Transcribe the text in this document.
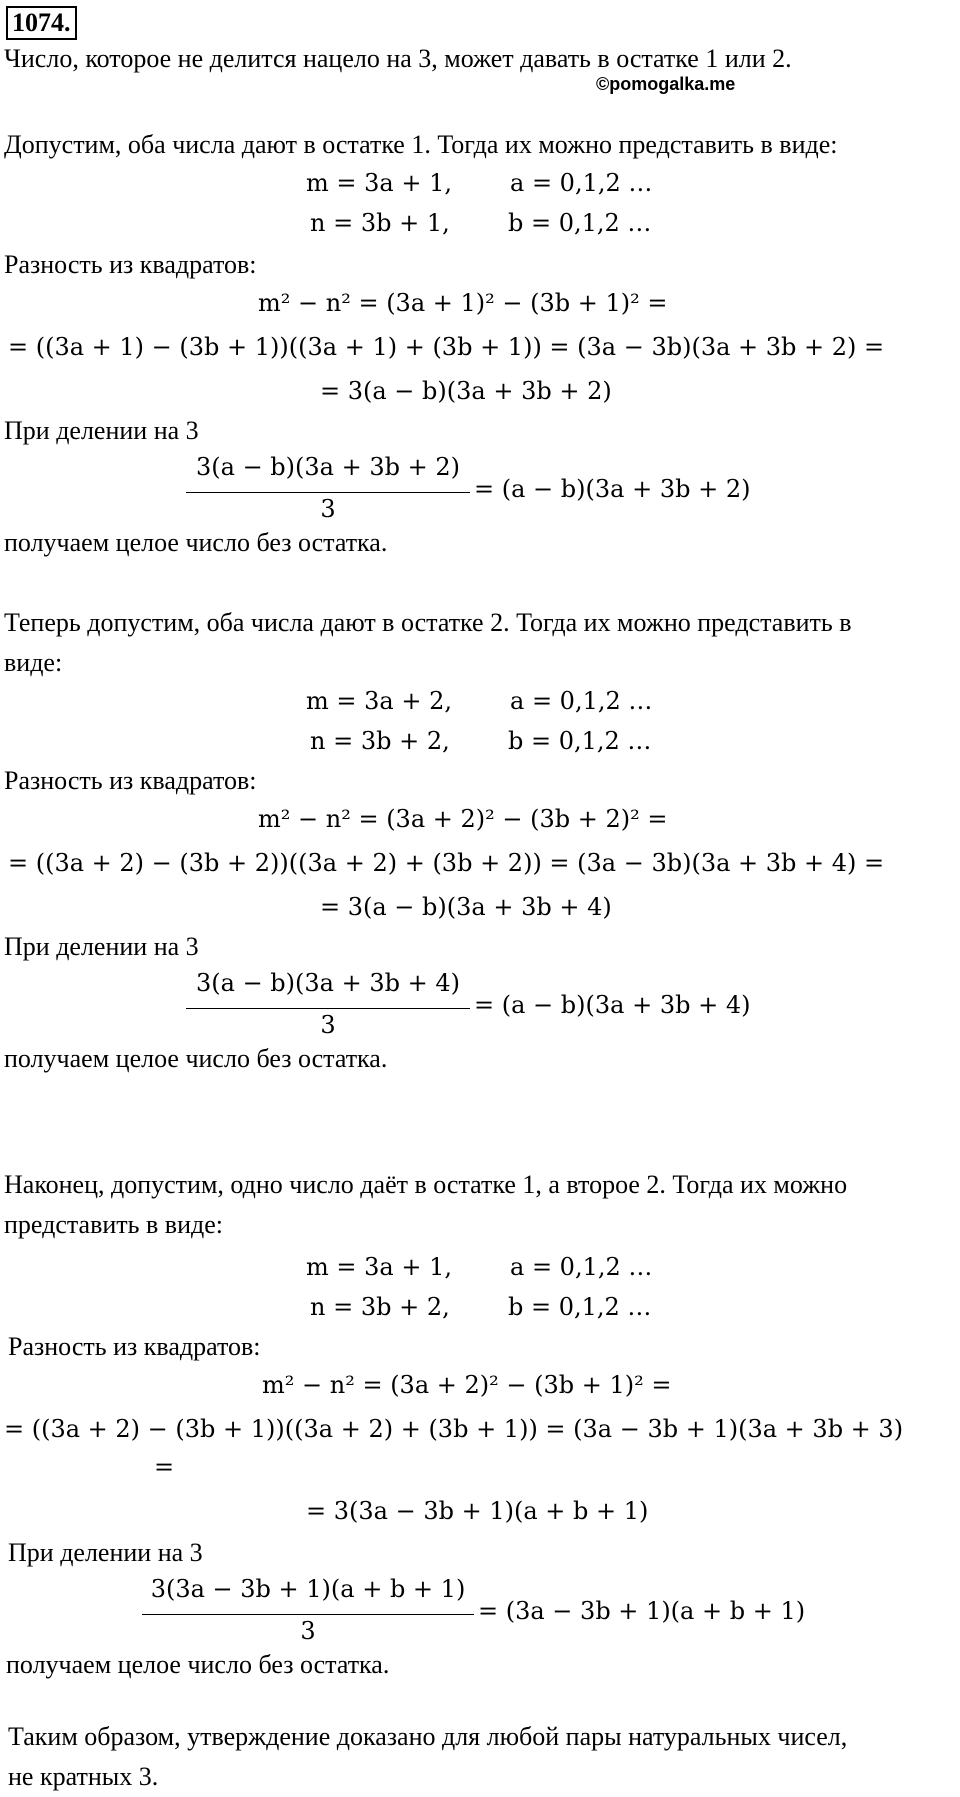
1074.
Число, которое не делится нацело на 3, может давать в остатке 1 или 2.
©pomogalka.me
Допустим, оба числа дают в остатке 1. Тогда их можно представить в виде:
m = 3a + 1, a = 0,1,2 …
n = 3b + 1, b = 0,1,2 …
Разность из квадратов:
m² − n² = (3a + 1)² − (3b + 1)² =
= ((3a + 1) − (3b + 1))((3a + 1) + (3b + 1)) = (3a − 3b)(3a + 3b + 2) =
= 3(a − b)(3a + 3b + 2)
При делении на 3
3(a − b)(3a + 3b + 2)
3
= (a − b)(3a + 3b + 2)
получаем целое число без остатка.
Теперь допустим, оба числа дают в остатке 2. Тогда их можно представить в
виде:
m = 3a + 2, a = 0,1,2 …
n = 3b + 2, b = 0,1,2 …
Разность из квадратов:
m² − n² = (3a + 2)² − (3b + 2)² =
= ((3a + 2) − (3b + 2))((3a + 2) + (3b + 2)) = (3a − 3b)(3a + 3b + 4) =
= 3(a − b)(3a + 3b + 4)
При делении на 3
3(a − b)(3a + 3b + 4)
3
= (a − b)(3a + 3b + 4)
получаем целое число без остатка.
Наконец, допустим, одно число даёт в остатке 1, а второе 2. Тогда их можно
представить в виде:
m = 3a + 1, a = 0,1,2 …
n = 3b + 2, b = 0,1,2 …
Разность из квадратов:
m² − n² = (3a + 2)² − (3b + 1)² =
= ((3a + 2) − (3b + 1))((3a + 2) + (3b + 1)) = (3a − 3b + 1)(3a + 3b + 3)
=
= 3(3a − 3b + 1)(a + b + 1)
При делении на 3
3(3a − 3b + 1)(a + b + 1)
3
= (3a − 3b + 1)(a + b + 1)
получаем целое число без остатка.
Таким образом, утверждение доказано для любой пары натуральных чисел,
не кратных 3.
